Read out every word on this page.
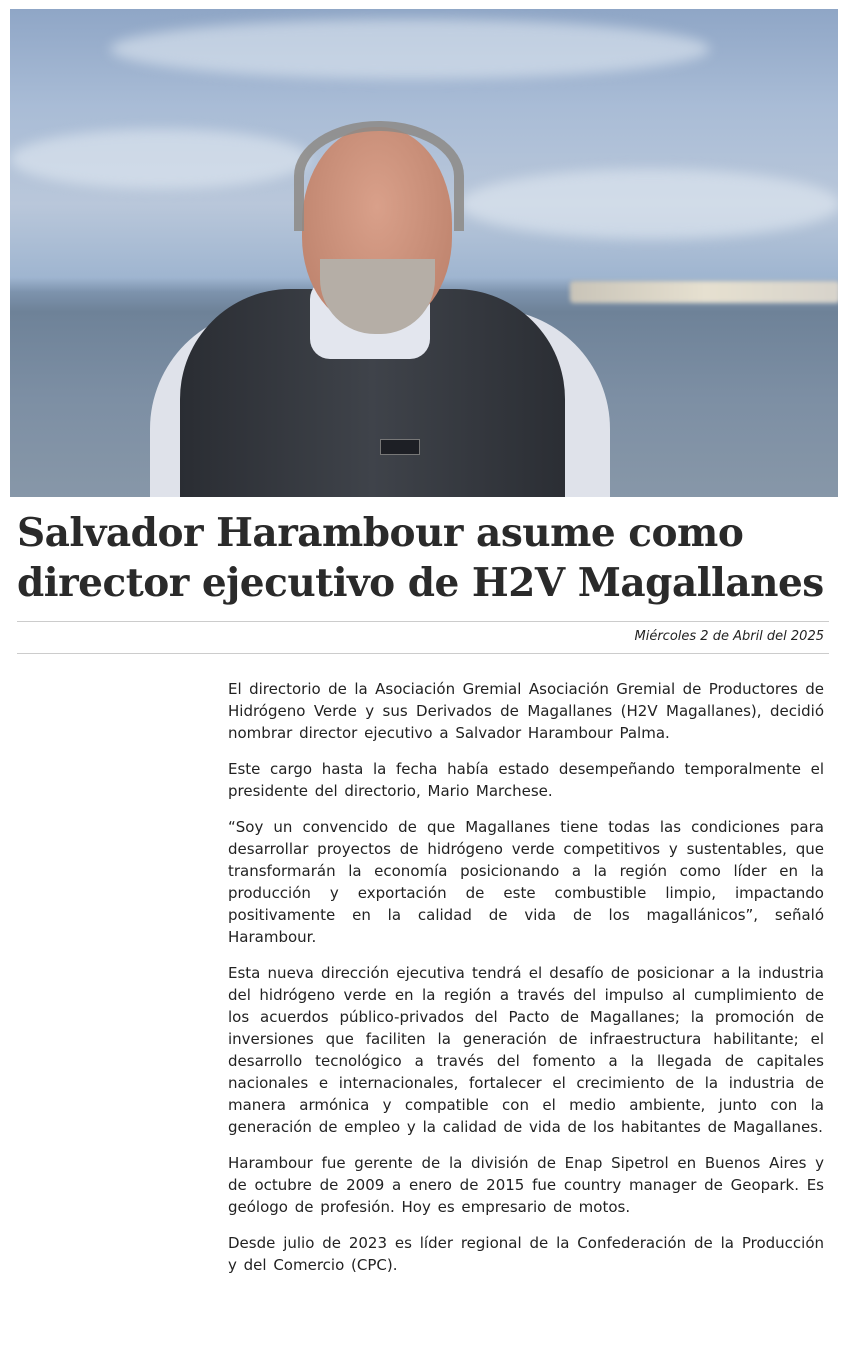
Salvador Harambour asume como director ejecutivo de H2V Magallanes
Miércoles 2 de Abril del 2025

El directorio de la Asociación Gremial Asociación Gremial de Productores de Hidrógeno Verde y sus Derivados de Magallanes (H2V Magallanes), decidió nombrar director ejecutivo a Salvador Harambour Palma.

Este cargo hasta la fecha había estado desempeñando temporalmente el presidente del directorio, Mario Marchese.

“Soy un convencido de que Magallanes tiene todas las condiciones para desarrollar proyectos de hidrógeno verde competitivos y sustentables, que transformarán la economía posicionando a la región como líder en la producción y exportación de este combustible limpio, impactando positivamente en la calidad de vida de los magallánicos”, señaló Harambour.

Esta nueva dirección ejecutiva tendrá el desafío de posicionar a la industria del hidrógeno verde en la región a través del impulso al cumplimiento de los acuerdos público-privados del Pacto de Magallanes; la promoción de inversiones que faciliten la generación de infraestructura habilitante; el desarrollo tecnológico a través del fomento a la llegada de capitales nacionales e internacionales, fortalecer el crecimiento de la industria de manera armónica y compatible con el medio ambiente, junto con la generación de empleo y la calidad de vida de los habitantes de Magallanes.

Harambour fue gerente de la división de Enap Sipetrol en Buenos Aires y de octubre de 2009 a enero de 2015 fue country manager de Geopark. Es geólogo de profesión. Hoy es empresario de motos.

Desde julio de 2023 es líder regional de la Confederación de la Producción y del Comercio (CPC).
